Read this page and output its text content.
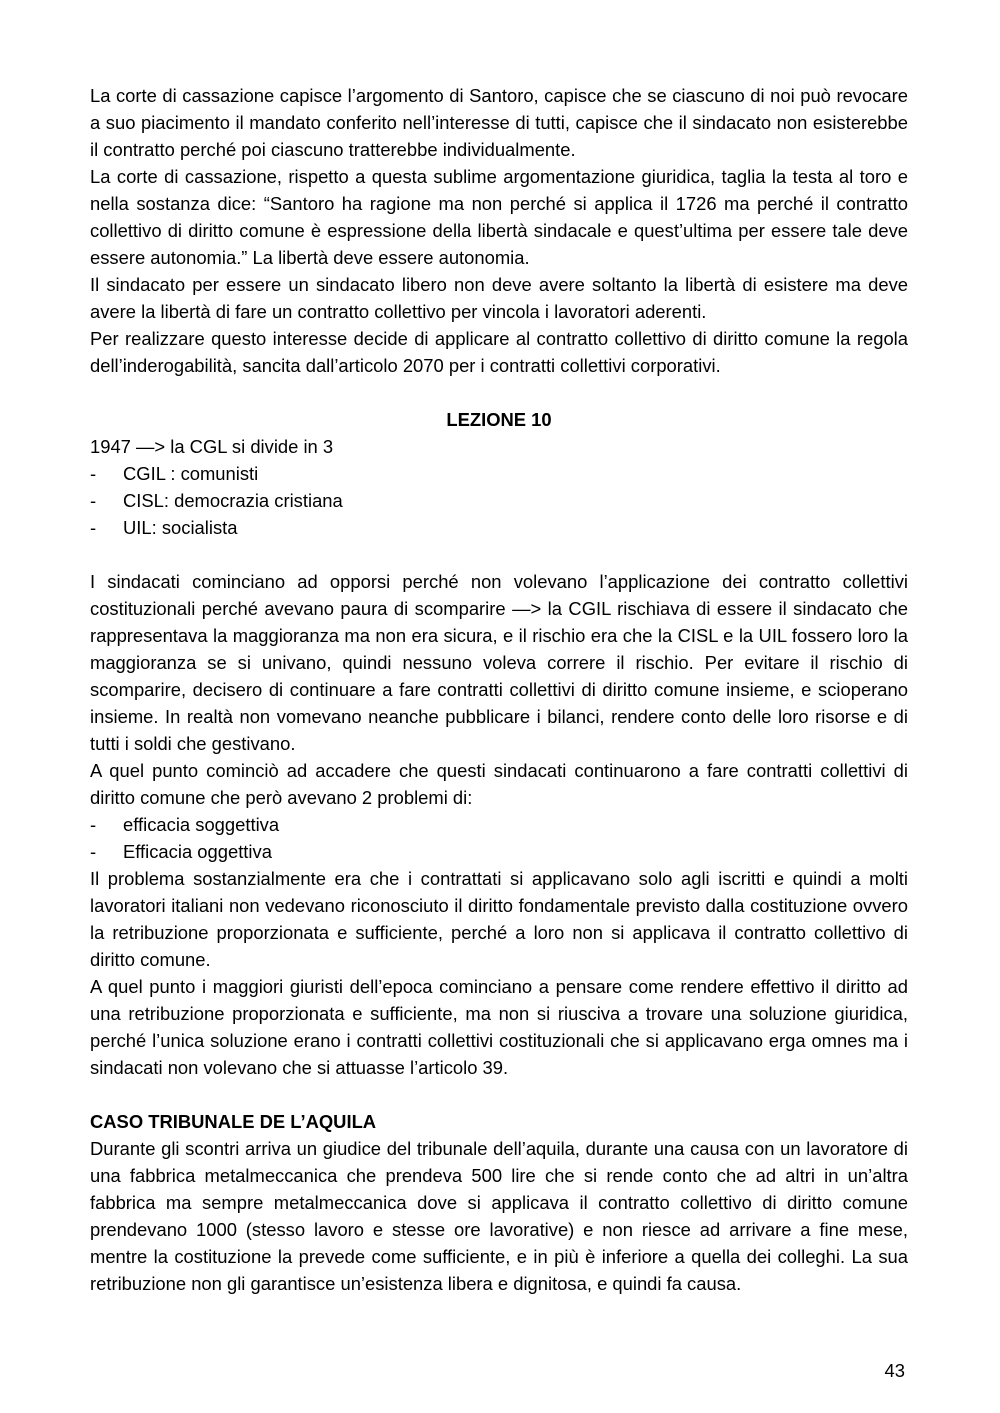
La corte di cassazione capisce l’argomento di Santoro, capisce che se ciascuno di noi può revocare a suo piacimento il mandato conferito nell’interesse di tutti, capisce che il sindacato non esisterebbe il contratto perché poi ciascuno tratterebbe individualmente.

La corte di cassazione, rispetto a questa sublime argomentazione giuridica, taglia la testa al toro e nella sostanza dice: “Santoro ha ragione ma non perché si applica il 1726 ma perché il contratto collettivo di diritto comune è espressione della libertà sindacale e quest’ultima per essere tale deve essere autonomia.” La libertà deve essere autonomia.

Il sindacato per essere un sindacato libero non deve avere soltanto la libertà di esistere ma deve avere la libertà di fare un contratto collettivo per vincola i lavoratori aderenti.

Per realizzare questo interesse decide di applicare al contratto collettivo di diritto comune la regola dell’inderogabilità, sancita dall’articolo 2070 per i contratti collettivi corporativi.

LEZIONE 10

1947 —> la CGL si divide in 3

- CGIL : comunisti
- CISL: democrazia cristiana
- UIL: socialista

I sindacati cominciano ad opporsi perché non volevano l’applicazione dei contratto collettivi costituzionali perché avevano paura di scomparire —> la CGIL rischiava di essere il sindacato che rappresentava la maggioranza ma non era sicura, e il rischio era che la CISL e la UIL fossero loro la maggioranza se si univano, quindi nessuno voleva correre il rischio. Per evitare il rischio di scomparire, decisero di continuare a fare contratti collettivi di diritto comune insieme, e scioperano insieme. In realtà non vomevano neanche pubblicare i bilanci, rendere conto delle loro risorse e di tutti i soldi che gestivano.

A quel punto cominciò ad accadere che questi sindacati continuarono a fare contratti collettivi di diritto comune che però avevano 2 problemi di:

- efficacia soggettiva
- Efficacia oggettiva

Il problema sostanzialmente era che i contrattati si applicavano solo agli iscritti e quindi a molti lavoratori italiani non vedevano riconosciuto il diritto fondamentale previsto dalla costituzione ovvero la retribuzione proporzionata e sufficiente, perché a loro non si applicava il contratto collettivo di diritto comune.

A quel punto i maggiori giuristi dell’epoca cominciano a pensare come rendere effettivo il diritto ad una retribuzione proporzionata e sufficiente, ma non si riusciva a trovare una soluzione giuridica, perché l’unica soluzione erano i contratti collettivi costituzionali che si applicavano erga omnes ma i sindacati non volevano che si attuasse l’articolo 39.

CASO TRIBUNALE DE L’AQUILA

Durante gli scontri arriva un giudice del tribunale dell’aquila, durante una causa con un lavoratore di una fabbrica metalmeccanica che prendeva 500 lire che si rende conto che ad altri in un’altra fabbrica ma sempre metalmeccanica dove si applicava il contratto collettivo di diritto comune prendevano 1000 (stesso lavoro e stesse ore lavorative) e non riesce ad arrivare a fine mese, mentre la costituzione la prevede come sufficiente, e in più è inferiore a quella dei colleghi. La sua retribuzione non gli garantisce un’esistenza libera e dignitosa, e quindi fa causa.

43
